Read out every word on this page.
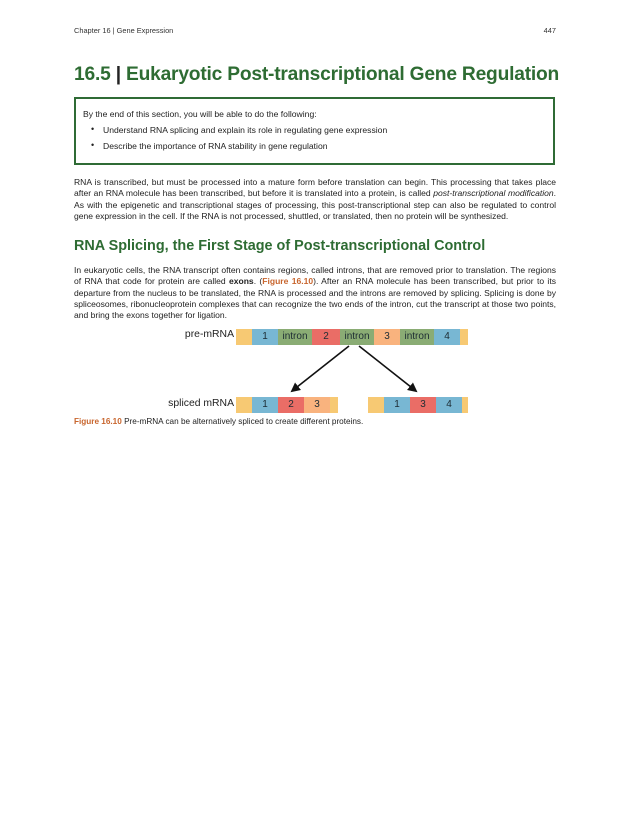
Chapter 16 | Gene Expression	447
16.5 | Eukaryotic Post-transcriptional Gene Regulation
By the end of this section, you will be able to do the following:
• Understand RNA splicing and explain its role in regulating gene expression
• Describe the importance of RNA stability in gene regulation

RNA is transcribed, but must be processed into a mature form before translation can begin. This processing that takes place after an RNA molecule has been transcribed, but before it is translated into a protein, is called post-transcriptional modification. As with the epigenetic and transcriptional stages of processing, this post-transcriptional step can also be regulated to control gene expression in the cell. If the RNA is not processed, shuttled, or translated, then no protein will be synthesized.

RNA Splicing, the First Stage of Post-transcriptional Control

In eukaryotic cells, the RNA transcript often contains regions, called introns, that are removed prior to translation. The regions of RNA that code for protein are called exons. (Figure 16.10). After an RNA molecule has been transcribed, but prior to its departure from the nucleus to be translated, the RNA is processed and the introns are removed by splicing. Splicing is done by spliceosomes, ribonucleoprotein complexes that can recognize the two ends of the intron, cut the transcript at those two points, and bring the exons together for ligation.

pre-mRNA
spliced mRNA
1	intron	2	intron	3	intron	4
1	2	3	1	3	4
Figure 16.10 Pre-mRNA can be alternatively spliced to create different proteins.
